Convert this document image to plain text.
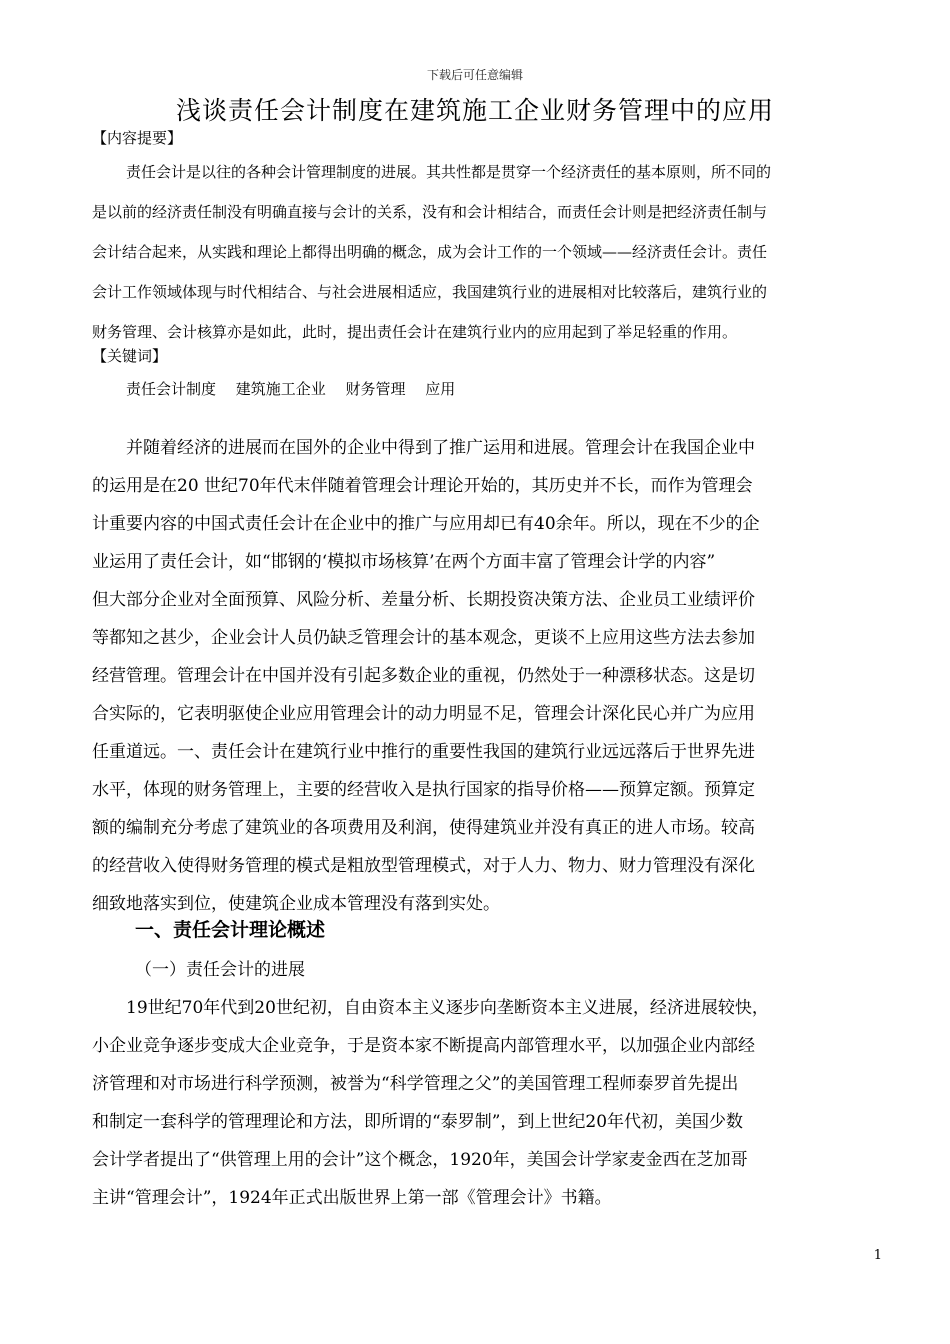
下载后可任意编辑
浅谈责任会计制度在建筑施工企业财务管理中的应用
【内容提要】
责任会计是以往的各种会计管理制度的进展。其共性都是贯穿一个经济责任的基本原则，所不同的
是以前的经济责任制没有明确直接与会计的关系，没有和会计相结合，而责任会计则是把经济责任制与
会计结合起来，从实践和理论上都得出明确的概念，成为会计工作的一个领域——经济责任会计。责任
会计工作领域体现与时代相结合、与社会进展相适应，我国建筑行业的进展相对比较落后，建筑行业的
财务管理、会计核算亦是如此，此时，提出责任会计在建筑行业内的应用起到了举足轻重的作用。
【关键词】
责任会计制度　 建筑施工企业　 财务管理　 应用
并随着经济的进展而在国外的企业中得到了推广运用和进展。管理会计在我国企业中
的运用是在20 世纪70年代末伴随着管理会计理论开始的，其历史并不长，而作为管理会
计重要内容的中国式责任会计在企业中的推广与应用却已有40余年。所以，现在不少的企
业运用了责任会计，如“邯钢的‘模拟市场核算’在两个方面丰富了管理会计学的内容”
但大部分企业对全面预算、风险分析、差量分析、长期投资决策方法、企业员工业绩评价
等都知之甚少，企业会计人员仍缺乏管理会计的基本观念，更谈不上应用这些方法去参加
经营管理。管理会计在中国并没有引起多数企业的重视，仍然处于一种漂移状态。这是切
合实际的，它表明驱使企业应用管理会计的动力明显不足，管理会计深化民心并广为应用
任重道远。一、责任会计在建筑行业中推行的重要性我国的建筑行业远远落后于世界先进
水平，体现的财务管理上，主要的经营收入是执行国家的指导价格——预算定额。预算定
额的编制充分考虑了建筑业的各项费用及利润，使得建筑业并没有真正的进人市场。较高
的经营收入使得财务管理的模式是粗放型管理模式，对于人力、物力、财力管理没有深化
细致地落实到位，使建筑企业成本管理没有落到实处。
一、责任会计理论概述
（一）责任会计的进展
19世纪70年代到20世纪初，自由资本主义逐步向垄断资本主义进展，经济进展较快，
小企业竞争逐步变成大企业竞争，于是资本家不断提高内部管理水平，以加强企业内部经
济管理和对市场进行科学预测，被誉为“科学管理之父”的美国管理工程师泰罗首先提出
和制定一套科学的管理理论和方法，即所谓的“泰罗制”，到上世纪20年代初，美国少数
会计学者提出了“供管理上用的会计”这个概念，1920年，美国会计学家麦金西在芝加哥
主讲“管理会计”，1924年正式出版世界上第一部《管理会计》书籍。
1
